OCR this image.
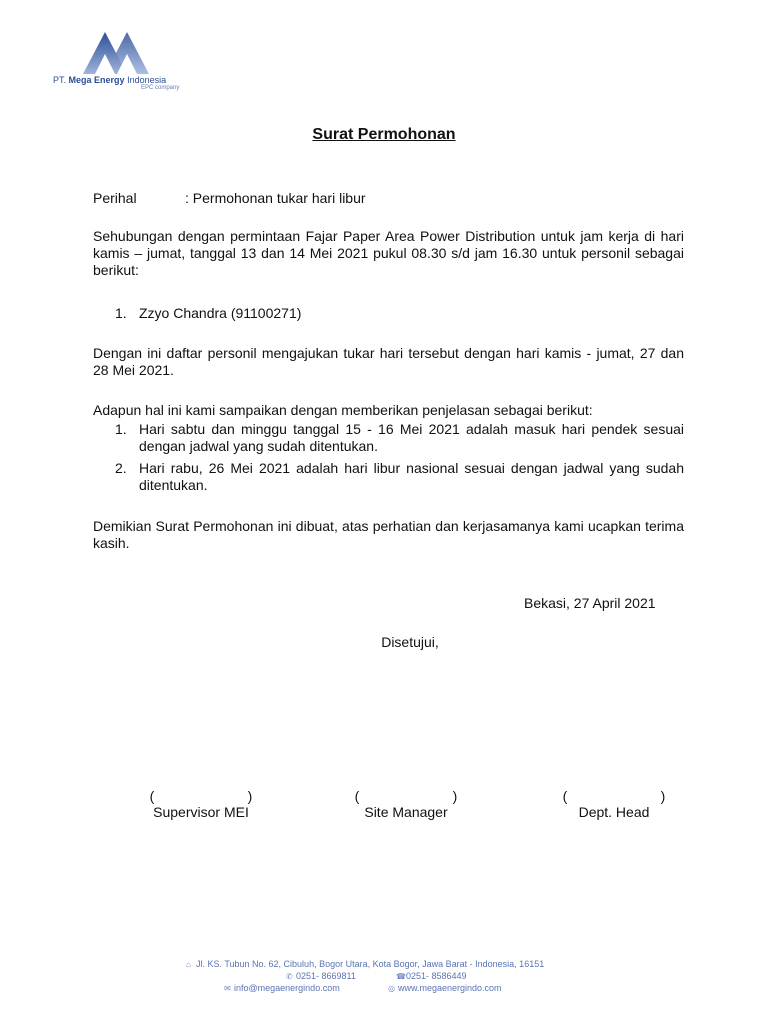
PT. Mega Energy Indonesia
EPC company
Surat Permohonan
Perihal	: Permohonan tukar hari libur
Sehubungan dengan permintaan Fajar Paper Area Power Distribution untuk jam kerja di hari kamis – jumat, tanggal 13 dan 14 Mei 2021 pukul 08.30 s/d jam 16.30 untuk personil sebagai berikut:
1. Zzyo Chandra (91100271)
Dengan ini daftar personil mengajukan tukar hari tersebut dengan hari kamis - jumat, 27 dan 28 Mei 2021.
Adapun hal ini kami sampaikan dengan memberikan penjelasan sebagai berikut:
1. Hari sabtu dan minggu tanggal 15 - 16 Mei 2021 adalah masuk hari pendek sesuai dengan jadwal yang sudah ditentukan.
2. Hari rabu, 26 Mei 2021 adalah hari libur nasional sesuai dengan jadwal yang sudah ditentukan.
Demikian Surat Permohonan ini dibuat, atas perhatian dan kerjasamanya kami ucapkan terima kasih.
Bekasi, 27 April 2021
Disetujui,
(                        )
Supervisor MEI
(                        )
Site Manager
(                        )
Dept. Head
⌂ Jl. KS. Tubun No. 62, Cibuluh, Bogor Utara, Kota Bogor, Jawa Barat - Indonesia, 16151
✆ 0251- 8669811	☎0251- 8586449
✉ info@megaenergindo.com	◎ www.megaenergindo.com
